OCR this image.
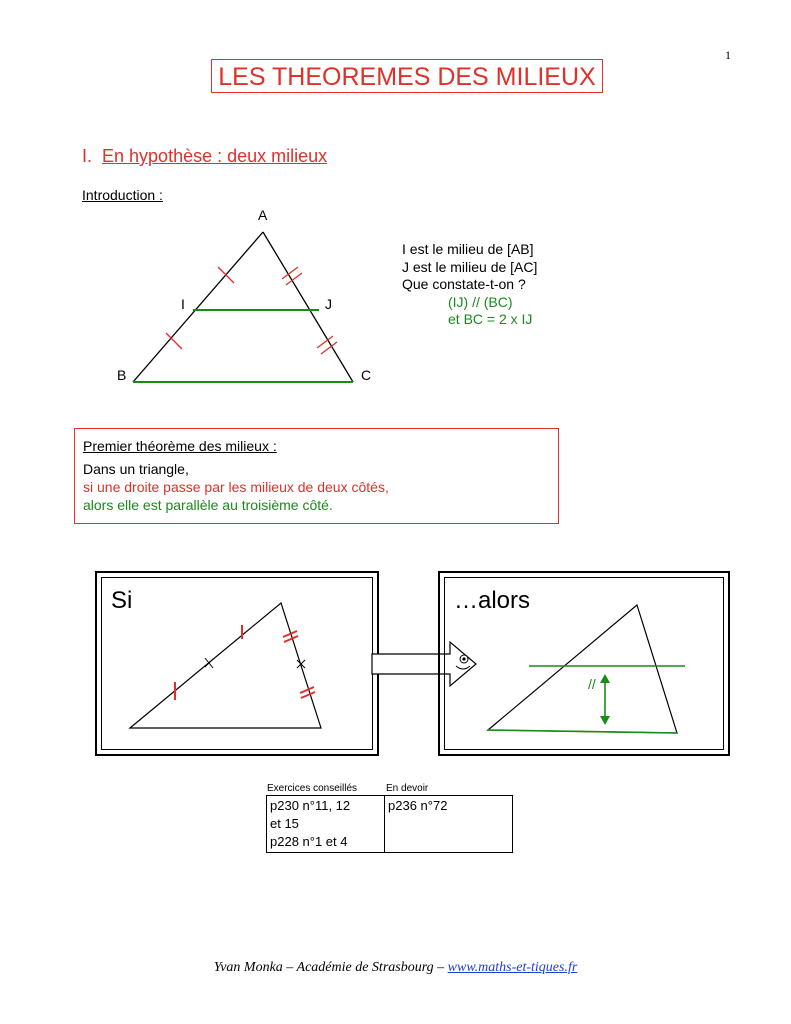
1
LES THEOREMES DES MILIEUX
I. En hypothèse : deux milieux
Introduction :
A
B	C
I	J
I est le milieu de [AB]
J est le milieu de [AC]
Que constate-t-on ?
(IJ) // (BC)
et BC = 2 x IJ
Premier théorème des milieux :
Dans un triangle,
si une droite passe par les milieux de deux côtés,
alors elle est parallèle au troisième côté.
Si	…alors
//
Exercices conseillés	En devoir
p230 n°11, 12
et 15
p228 n°1 et 4

p236 n°72
Yvan Monka – Académie de Strasbourg – www.maths-et-tiques.fr
